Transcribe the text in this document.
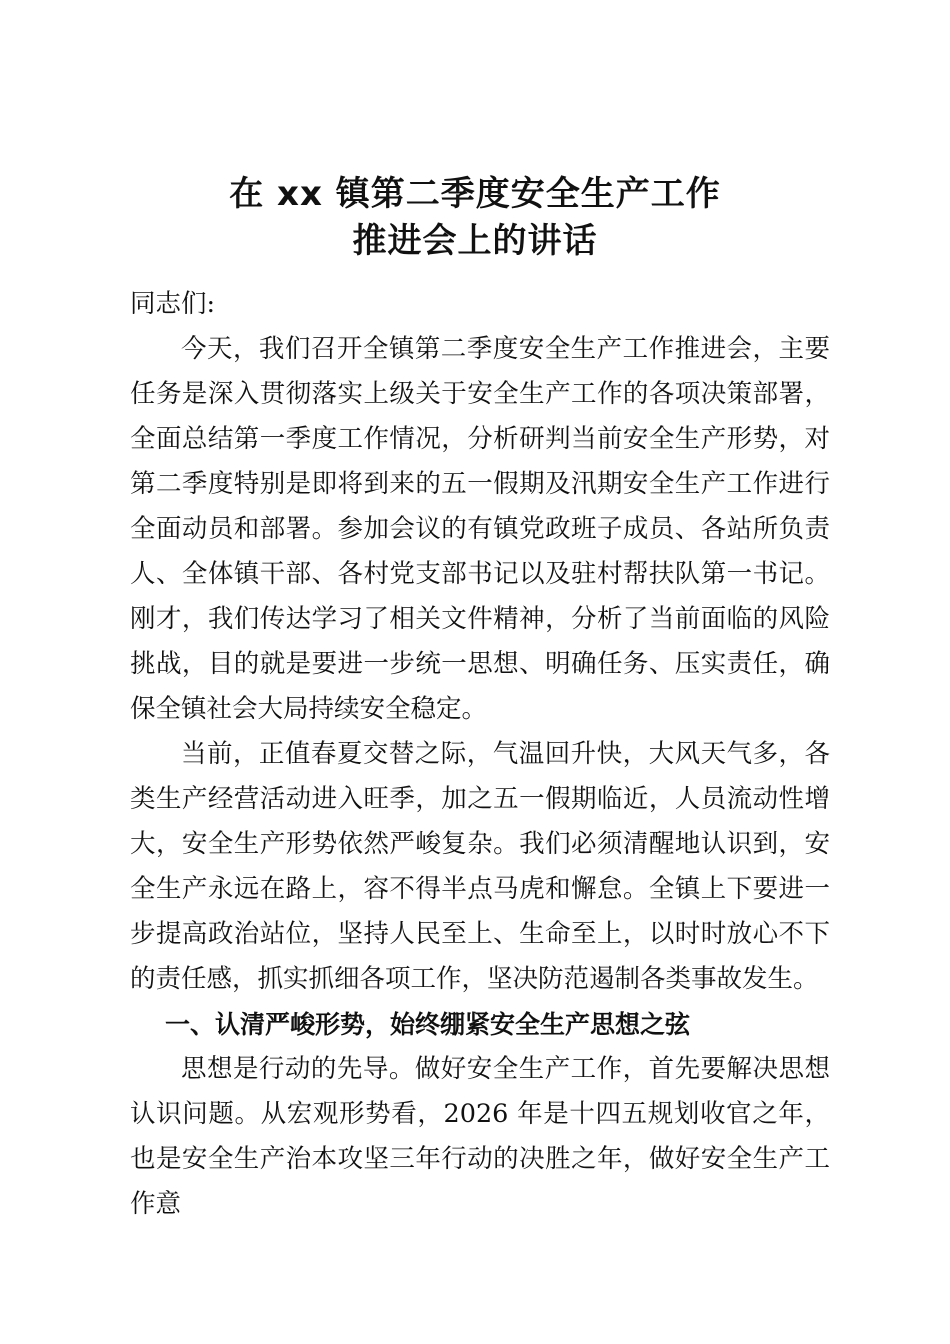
在 xx 镇第二季度安全生产工作
推进会上的讲话

同志们:

今天，我们召开全镇第二季度安全生产工作推进会，主要任务是深入贯彻落实上级关于安全生产工作的各项决策部署，全面总结第一季度工作情况，分析研判当前安全生产形势，对第二季度特别是即将到来的五一假期及汛期安全生产工作进行全面动员和部署。参加会议的有镇党政班子成员、各站所负责人、全体镇干部、各村党支部书记以及驻村帮扶队第一书记。刚才，我们传达学习了相关文件精神，分析了当前面临的风险挑战，目的就是要进一步统一思想、明确任务、压实责任，确保全镇社会大局持续安全稳定。

当前，正值春夏交替之际，气温回升快，大风天气多，各类生产经营活动进入旺季，加之五一假期临近，人员流动性增大，安全生产形势依然严峻复杂。我们必须清醒地认识到，安全生产永远在路上，容不得半点马虎和懈怠。全镇上下要进一步提高政治站位，坚持人民至上、生命至上，以时时放心不下的责任感，抓实抓细各项工作，坚决防范遏制各类事故发生。

一、认清严峻形势，始终绷紧安全生产思想之弦

思想是行动的先导。做好安全生产工作，首先要解决思想认识问题。从宏观形势看，2026 年是十四五规划收官之年，也是安全生产治本攻坚三年行动的决胜之年，做好安全生产工作意
